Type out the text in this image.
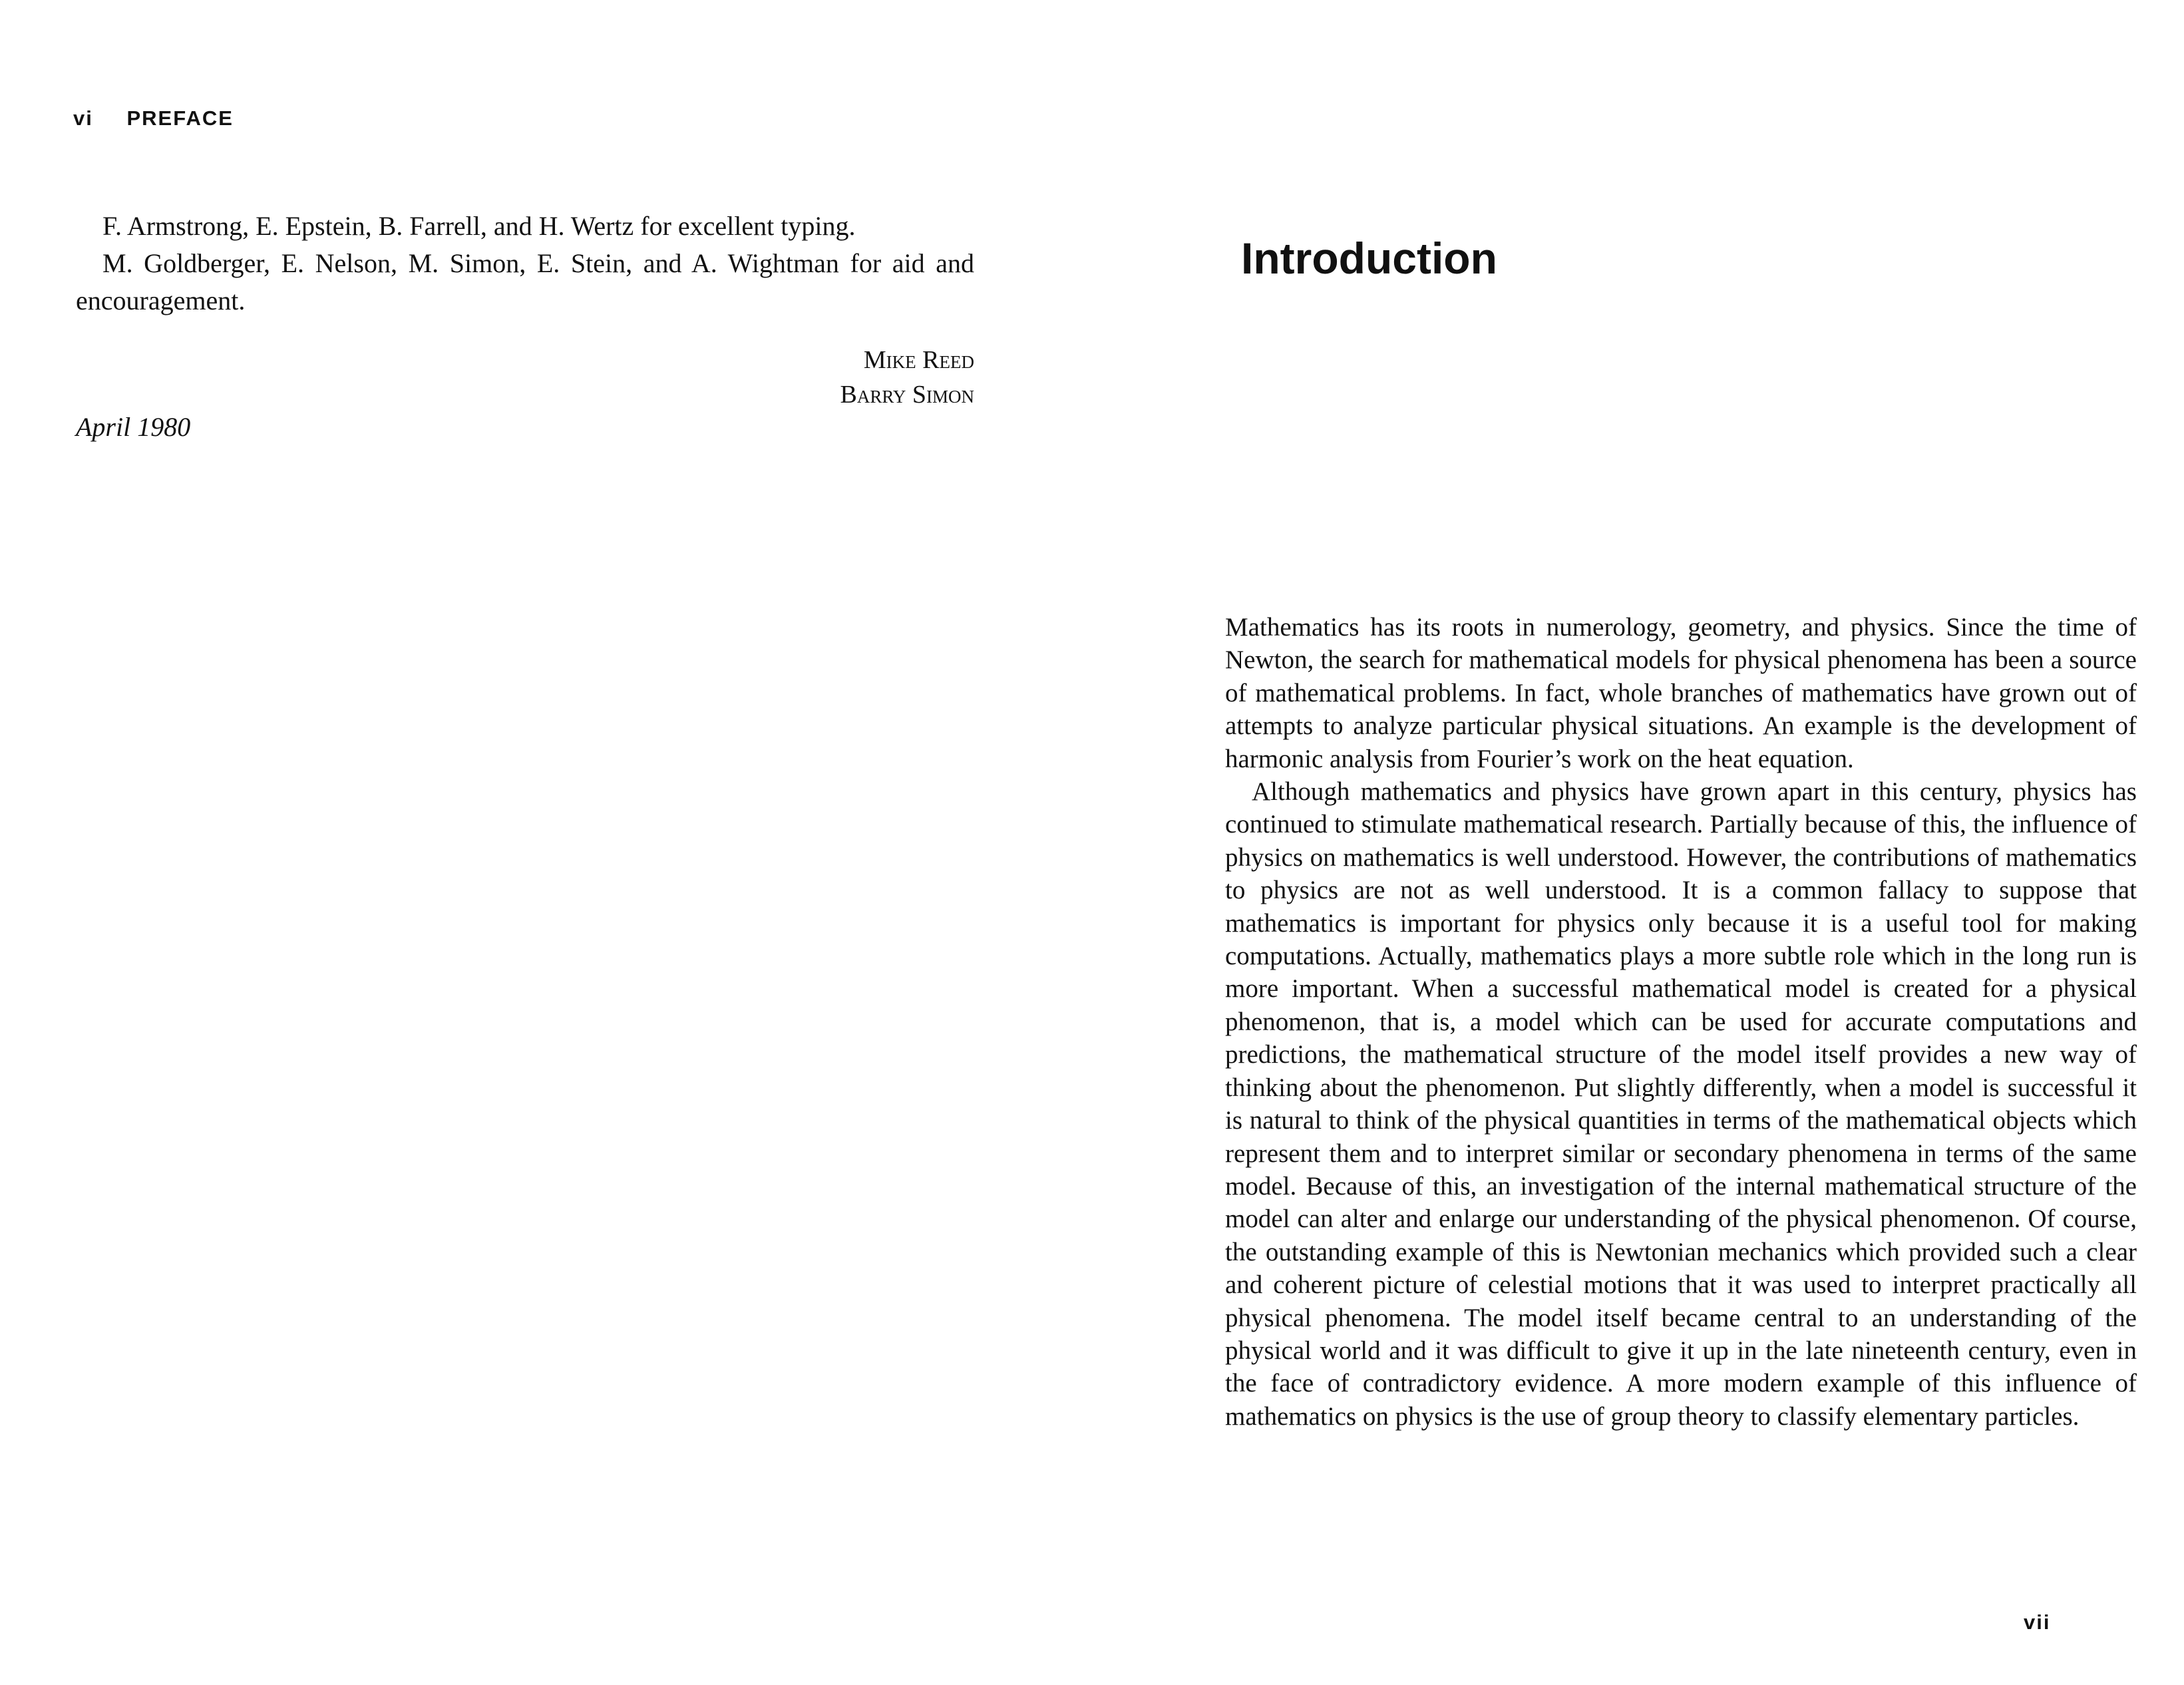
vi PREFACE

F. Armstrong, E. Epstein, B. Farrell, and H. Wertz for excellent typing.

M. Goldberger, E. Nelson, M. Simon, E. Stein, and A. Wightman for aid and encouragement.

Mike Reed
Barry Simon
April 1980
Introduction

Mathematics has its roots in numerology, geometry, and physics. Since the time of Newton, the search for mathematical models for physical phenomena has been a source of mathematical problems. In fact, whole branches of mathematics have grown out of attempts to analyze particular physical situations. An example is the development of harmonic analysis from Fourier’s work on the heat equation.

Although mathematics and physics have grown apart in this century, physics has continued to stimulate mathematical research. Partially because of this, the influence of physics on mathematics is well understood. However, the contributions of mathematics to physics are not as well understood. It is a common fallacy to suppose that mathematics is important for physics only because it is a useful tool for making computations. Actually, mathematics plays a more subtle role which in the long run is more important. When a successful mathematical model is created for a physical phenomenon, that is, a model which can be used for accurate computations and predictions, the mathematical structure of the model itself provides a new way of thinking about the phenomenon. Put slightly differently, when a model is successful it is natural to think of the physical quantities in terms of the mathematical objects which represent them and to interpret similar or secondary phenomena in terms of the same model. Because of this, an investigation of the internal mathematical structure of the model can alter and enlarge our understanding of the physical phenomenon. Of course, the outstanding example of this is Newtonian mechanics which provided such a clear and coherent picture of celestial motions that it was used to interpret practically all physical phenomena. The model itself became central to an understanding of the physical world and it was difficult to give it up in the late nineteenth century, even in the face of contradictory evidence. A more modern example of this influence of mathematics on physics is the use of group theory to classify elementary particles.

vii
